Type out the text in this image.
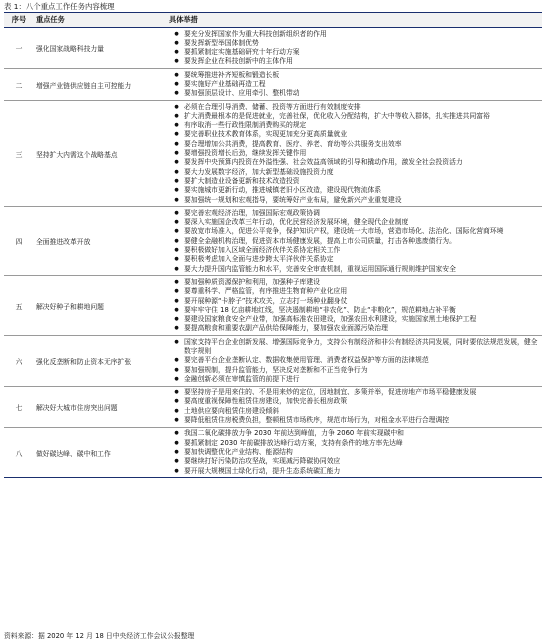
表 1：八个重点工作任务内容梳理
序号	重点任务	具体举措
一	强化国家战略科技力量
● 要充分发挥国家作为重大科技创新组织者的作用
● 要发挥新型举国体制优势
● 要抓紧制定实施基础研究十年行动方案
● 要发挥企业在科技创新中的主体作用
二	增强产业链供应链自主可控能力
● 要统筹推进补齐短板和锻造长板
● 要实施好产业基础再造工程
● 要加强顶层设计、应用牵引、整机带动
三	坚持扩大内需这个战略基点
● 必须在合理引导消费、储蓄、投资等方面进行有效制度安排
● 扩大消费最根本的是促进就业，完善社保，优化收入分配结构，扩大中等收入群体，扎实推进共同富裕
● 有序取消一些行政性限制消费购买的规定
● 要完善职业技术教育体系，实现更加充分更高质量就业
● 要合理增加公共消费，提高教育、医疗、养老、育幼等公共服务支出效率
● 要增强投资增长后劲，继续发挥关键作用
● 要发挥中央预算内投资在外溢性强、社会效益高领域的引导和撬动作用，激发全社会投资活力
● 要大力发展数字经济，加大新型基础设施投资力度
● 要扩大制造业设备更新和技术改造投资
● 要实施城市更新行动，推进城镇老旧小区改造，建设现代物流体系
● 要加强统一规划和宏观指导，要统筹好产业布局，避免新兴产业重复建设
四	全面推进改革开放
● 要完善宏观经济治理，加强国际宏观政策协调
● 要深入实施国企改革三年行动，优化民营经济发展环境，健全现代企业制度
● 要放宽市场准入，促进公平竞争，保护知识产权，建设统一大市场，营造市场化、法治化、国际化营商环境
● 要健全金融机构治理，促进资本市场健康发展，提高上市公司质量，打击各种逃废债行为。
● 要积极做好加入区域全面经济伙伴关系协定相关工作
● 要积极考虑加入全面与进步跨太平洋伙伴关系协定
● 要大力提升国内监管能力和水平，完善安全审查机制，重视运用国际通行规则维护国家安全
五	解决好种子和耕地问题
● 要加强种质资源保护和利用，加强种子库建设
● 要尊重科学、严格监管，有序推进生物育种产业化应用
● 要开展种源“卡脖子”技术攻关，立志打一场种业翻身仗
● 要牢牢守住 18 亿亩耕地红线，坚决遏制耕地“非农化”、防止“非粮化”，规范耕地占补平衡
● 要建设国家粮食安全产业带，加强高标准农田建设，加强农田水利建设，实施国家黑土地保护工程
● 要提高粮食和重要农副产品供给保障能力，要加强农业面源污染治理
六	强化反垄断和防止资本无序扩张
● 国家支持平台企业创新发展、增强国际竞争力，支持公有制经济和非公有制经济共同发展，同时要依法规范发展，健全数字规则
● 要完善平台企业垄断认定、数据收集使用管理、消费者权益保护等方面的法律规范
● 要加强规制，提升监管能力，坚决反对垄断和不正当竞争行为
● 金融创新必须在审慎监管的前提下进行
七	解决好大城市住房突出问题
● 要坚持房子是用来住的、不是用来炒的定位，因地制宜、多策并举，促进房地产市场平稳健康发展
● 要高度重视保障性租赁住房建设，加快完善长租房政策
● 土地供应要向租赁住房建设倾斜
● 要降低租赁住房税费负担，整顿租赁市场秩序，规范市场行为，对租金水平进行合理调控
八	做好碳达峰、碳中和工作
● 我国二氧化碳排放力争 2030 年前达到峰值，力争 2060 年前实现碳中和
● 要抓紧制定 2030 年前碳排放达峰行动方案，支持有条件的地方率先达峰
● 要加快调整优化产业结构、能源结构
● 要继续打好污染防治攻坚战，实现减污降碳协同效应
● 要开展大规模国土绿化行动，提升生态系统碳汇能力
资料来源：据 2020 年 12 月 18 日中央经济工作会议公报整理
